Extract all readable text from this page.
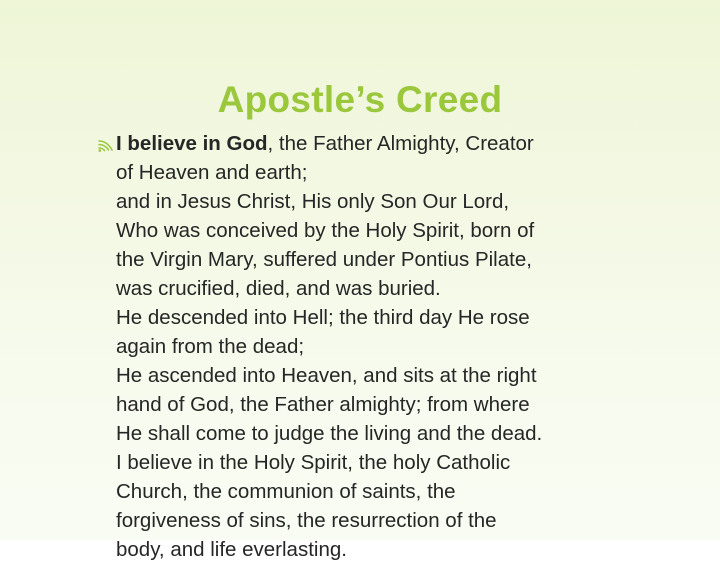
Apostle’s Creed
I believe in God, the Father Almighty, Creator
of Heaven and earth;
and in Jesus Christ, His only Son Our Lord,
Who was conceived by the Holy Spirit, born of
the Virgin Mary, suffered under Pontius Pilate,
was crucified, died, and was buried.
He descended into Hell; the third day He rose
again from the dead;
He ascended into Heaven, and sits at the right
hand of God, the Father almighty; from where
He shall come to judge the living and the dead.
I believe in the Holy Spirit, the holy Catholic
Church, the communion of saints, the
forgiveness of sins, the resurrection of the
body, and life everlasting.
